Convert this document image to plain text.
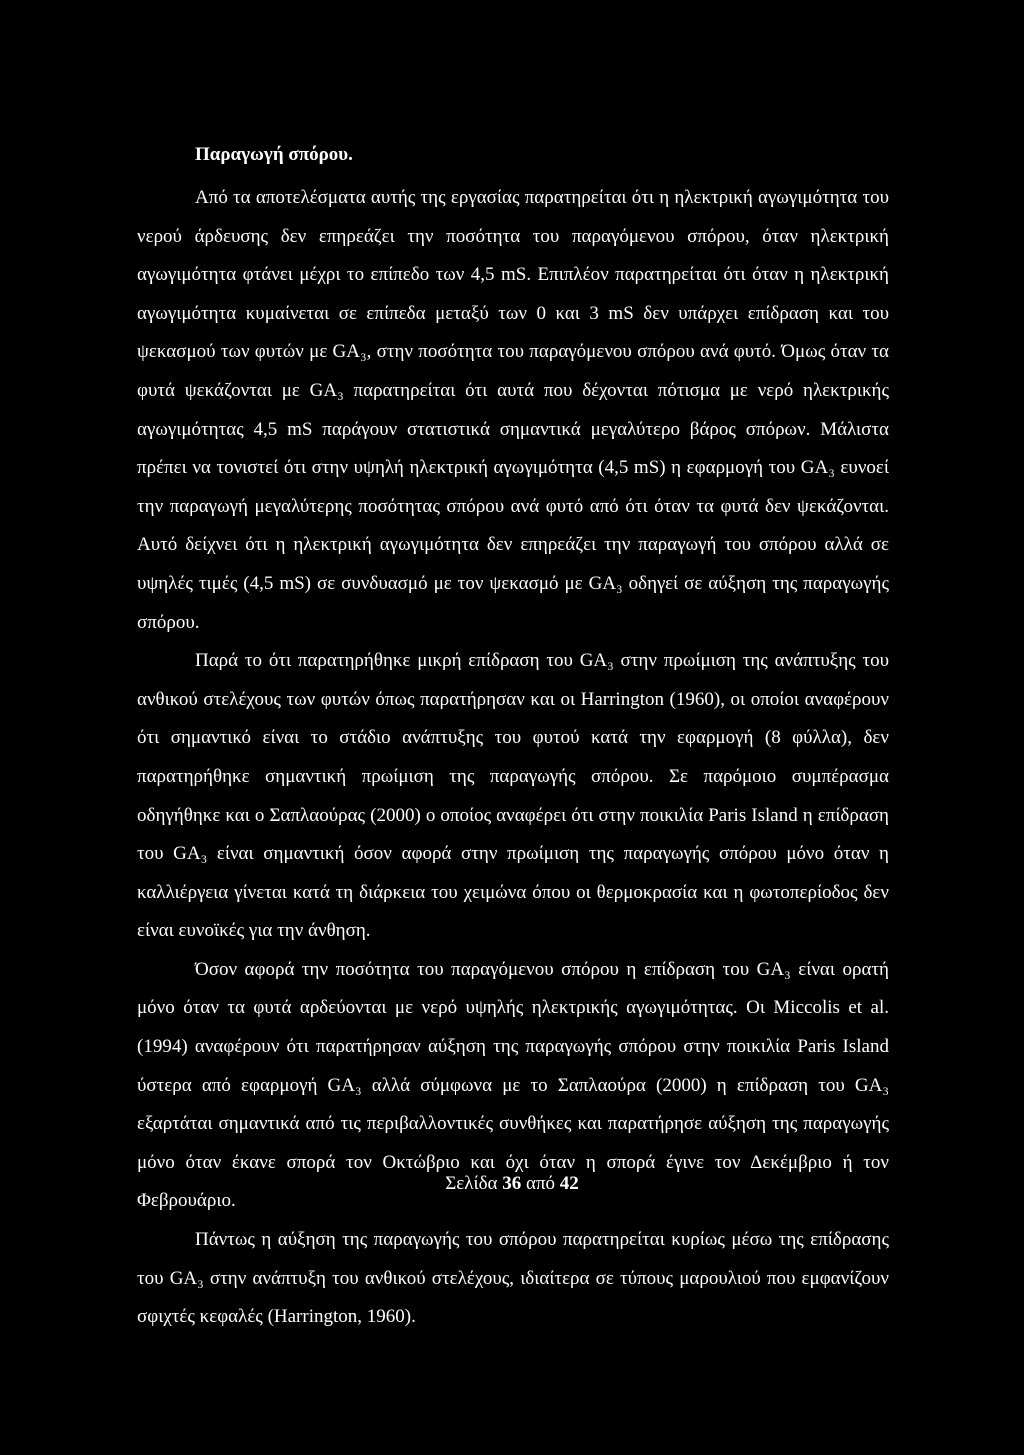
Παραγωγή σπόρου.

Από τα αποτελέσματα αυτής της εργασίας παρατηρείται ότι η ηλεκτρική αγωγιμότητα του νερού άρδευσης δεν επηρεάζει την ποσότητα του παραγόμενου σπόρου, όταν ηλεκτρική αγωγιμότητα φτάνει μέχρι το επίπεδο των 4,5 mS. Επιπλέον παρατηρείται ότι όταν η ηλεκτρική αγωγιμότητα κυμαίνεται σε επίπεδα μεταξύ των 0 και 3 mS δεν υπάρχει επίδραση και του ψεκασμού των φυτών με GA₃, στην ποσότητα του παραγόμενου σπόρου ανά φυτό. Όμως όταν τα φυτά ψεκάζονται με GA₃ παρατηρείται ότι αυτά που δέχονται πότισμα με νερό ηλεκτρικής αγωγιμότητας 4,5 mS παράγουν στατιστικά σημαντικά μεγαλύτερο βάρος σπόρων. Μάλιστα πρέπει να τονιστεί ότι στην υψηλή ηλεκτρική αγωγιμότητα (4,5 mS) η εφαρμογή του GA₃ ευνοεί την παραγωγή μεγαλύτερης ποσότητας σπόρου ανά φυτό από ότι όταν τα φυτά δεν ψεκάζονται. Αυτό δείχνει ότι η ηλεκτρική αγωγιμότητα δεν επηρεάζει την παραγωγή του σπόρου αλλά σε υψηλές τιμές (4,5 mS) σε συνδυασμό με τον ψεκασμό με GA₃ οδηγεί σε αύξηση της παραγωγής σπόρου.

Παρά το ότι παρατηρήθηκε μικρή επίδραση του GA₃ στην πρωίμιση της ανάπτυξης του ανθικού στελέχους των φυτών όπως παρατήρησαν και οι Harrington (1960), οι οποίοι αναφέρουν ότι σημαντικό είναι το στάδιο ανάπτυξης του φυτού κατά την εφαρμογή (8 φύλλα), δεν παρατηρήθηκε σημαντική πρωίμιση της παραγωγής σπόρου. Σε παρόμοιο συμπέρασμα οδηγήθηκε και ο Σαπλαούρας (2000) ο οποίος αναφέρει ότι στην ποικιλία Paris Island η επίδραση του GA₃ είναι σημαντική όσον αφορά στην πρωίμιση της παραγωγής σπόρου μόνο όταν η καλλιέργεια γίνεται κατά τη διάρκεια του χειμώνα όπου οι θερμοκρασία και η φωτοπερίοδος δεν είναι ευνοϊκές για την άνθηση.

Όσον αφορά την ποσότητα του παραγόμενου σπόρου η επίδραση του GA₃ είναι ορατή μόνο όταν τα φυτά αρδεύονται με νερό υψηλής ηλεκτρικής αγωγιμότητας. Οι Miccolis et al. (1994) αναφέρουν ότι παρατήρησαν αύξηση της παραγωγής σπόρου στην ποικιλία Paris Island ύστερα από εφαρμογή GA₃ αλλά σύμφωνα με το Σαπλαούρα (2000) η επίδραση του GA₃ εξαρτάται σημαντικά από τις περιβαλλοντικές συνθήκες και παρατήρησε αύξηση της παραγωγής μόνο όταν έκανε σπορά τον Οκτώβριο και όχι όταν η σπορά έγινε τον Δεκέμβριο ή τον Φεβρουάριο.

Πάντως η αύξηση της παραγωγής του σπόρου παρατηρείται κυρίως μέσω της επίδρασης του GA₃ στην ανάπτυξη του ανθικού στελέχους, ιδιαίτερα σε τύπους μαρουλιού που εμφανίζουν σφιχτές κεφαλές (Harrington, 1960).

Σελίδα 36 από 42
